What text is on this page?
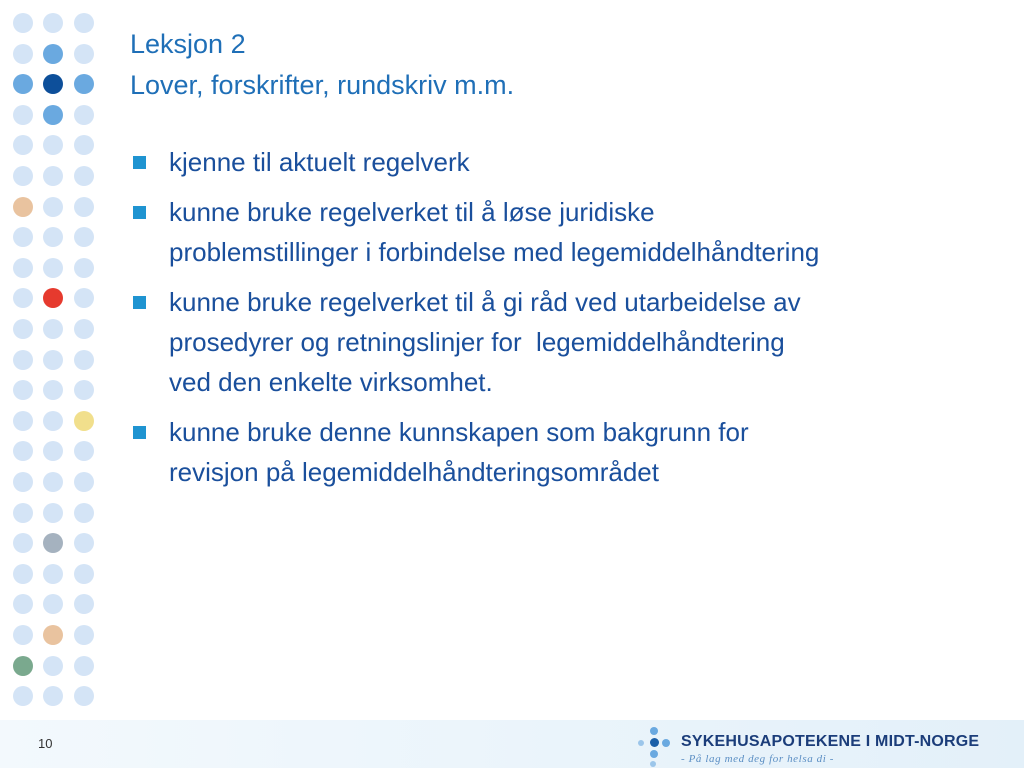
Leksjon 2
Lover, forskrifter, rundskriv m.m.
kjenne til aktuelt regelverk
kunne bruke regelverket til å løse juridiske
problemstillinger i forbindelse med legemiddelhåndtering
kunne bruke regelverket til å gi råd ved utarbeidelse av
prosedyrer og retningslinjer for  legemiddelhåndtering
ved den enkelte virksomhet.
kunne bruke denne kunnskapen som bakgrunn for
revisjon på legemiddelhåndteringsområdet
10	SYKEHUSAPOTEKENE I MIDT-NORGE
- På lag med deg for helsa di -
